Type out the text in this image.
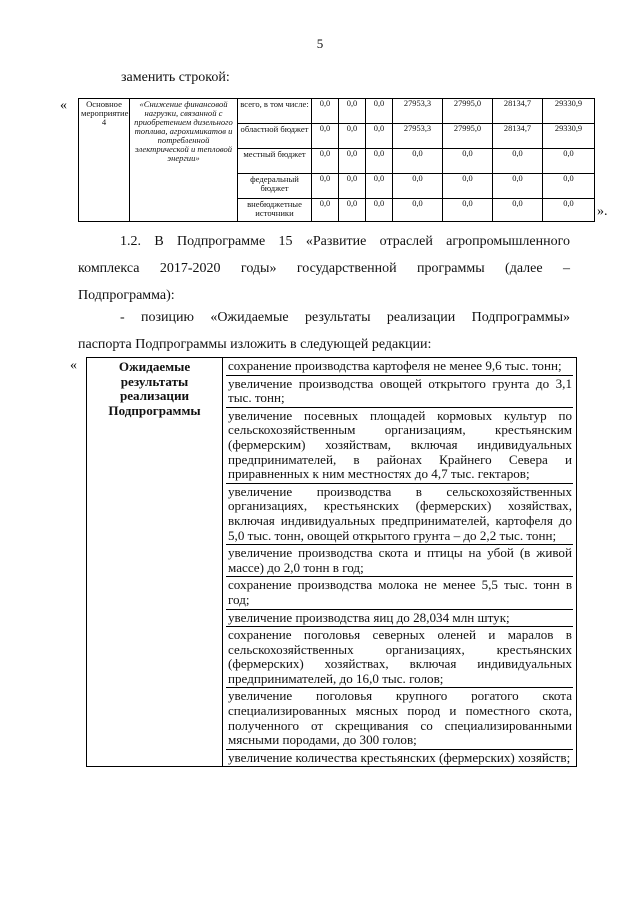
5
заменить строкой:
« Основное мероприятие 4	«Снижение финансовой нагрузки, связанной с приобретением дизельного топлива, агрохимикатов и потребленной электрической и тепловой энергии»	всего, в том числе:	0,0	0,0	0,0	27953,3	27995,0	28134,7	29330,9
		областной бюджет	0,0	0,0	0,0	27953,3	27995,0	28134,7	29330,9
		местный бюджет	0,0	0,0	0,0	0,0	0,0	0,0	0,0
		федеральный бюджет	0,0	0,0	0,0	0,0	0,0	0,0	0,0
		внебюджетные источники	0,0	0,0	0,0	0,0	0,0	0,0	0,0
».
1.2. В Подпрограмме 15 «Развитие отраслей агропромышленного
комплекса 2017-2020 годы» государственной программы (далее –
Подпрограмма):
- позицию «Ожидаемые результаты реализации Подпрограммы»
паспорта Подпрограммы изложить в следующей редакции:
«	Ожидаемые результаты реализации Подпрограммы	
сохранение производства картофеля не менее 9,6 тыс. тонн;
увеличение производства овощей открытого грунта до 3,1 тыс. тонн;
увеличение посевных площадей кормовых культур по сельскохозяйственным организациям, крестьянским (фермерским) хозяйствам, включая индивидуальных предпринимателей, в районах Крайнего Севера и приравненных к ним местностях до 4,7 тыс. гектаров;
увеличение производства в сельскохозяйственных организациях, крестьянских (фермерских) хозяйствах, включая индивидуальных предпринимателей, картофеля до 5,0 тыс. тонн, овощей открытого грунта – до 2,2 тыс. тонн;
увеличение производства скота и птицы на убой (в живой массе) до 2,0 тонн в год;
сохранение производства молока не менее 5,5 тыс. тонн в год;
увеличение производства яиц до 28,034 млн штук;
сохранение поголовья северных оленей и маралов в сельскохозяйственных организациях, крестьянских (фермерских) хозяйствах, включая индивидуальных предпринимателей, до 16,0 тыс. голов;
увеличение поголовья крупного рогатого скота специализированных мясных пород и поместного скота, полученного от скрещивания со специализированными мясными породами, до 300 голов;
увеличение количества крестьянских (фермерских) хозяйств;
